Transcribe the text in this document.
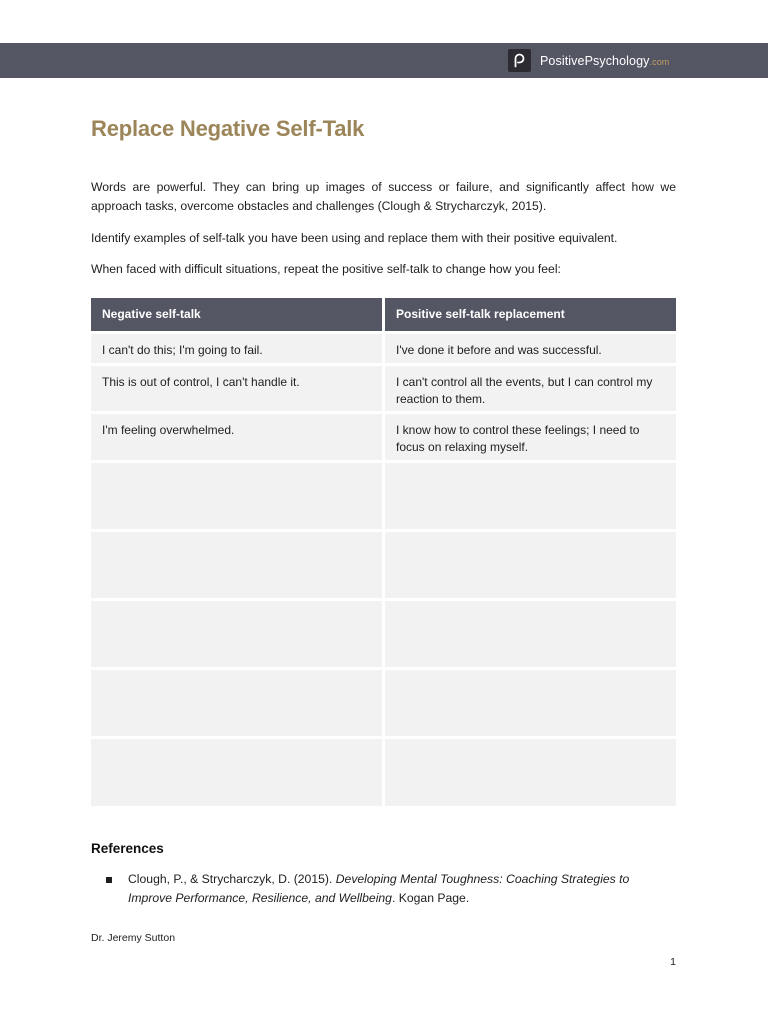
PositivePsychology.com
Replace Negative Self-Talk

Words are powerful. They can bring up images of success or failure, and significantly affect how we approach tasks, overcome obstacles and challenges (Clough & Strycharczyk, 2015).

Identify examples of self-talk you have been using and replace them with their positive equivalent.

When faced with difficult situations, repeat the positive self-talk to change how you feel:

Negative self-talk	Positive self-talk replacement
I can't do this; I'm going to fail.	I've done it before and was successful.
This is out of control, I can't handle it.	I can't control all the events, but I can control my reaction to them.
I'm feeling overwhelmed.	I know how to control these feelings; I need to focus on relaxing myself.
References
Clough, P., & Strycharczyk, D. (2015). Developing Mental Toughness: Coaching Strategies to Improve Performance, Resilience, and Wellbeing. Kogan Page.
Dr. Jeremy Sutton
1
